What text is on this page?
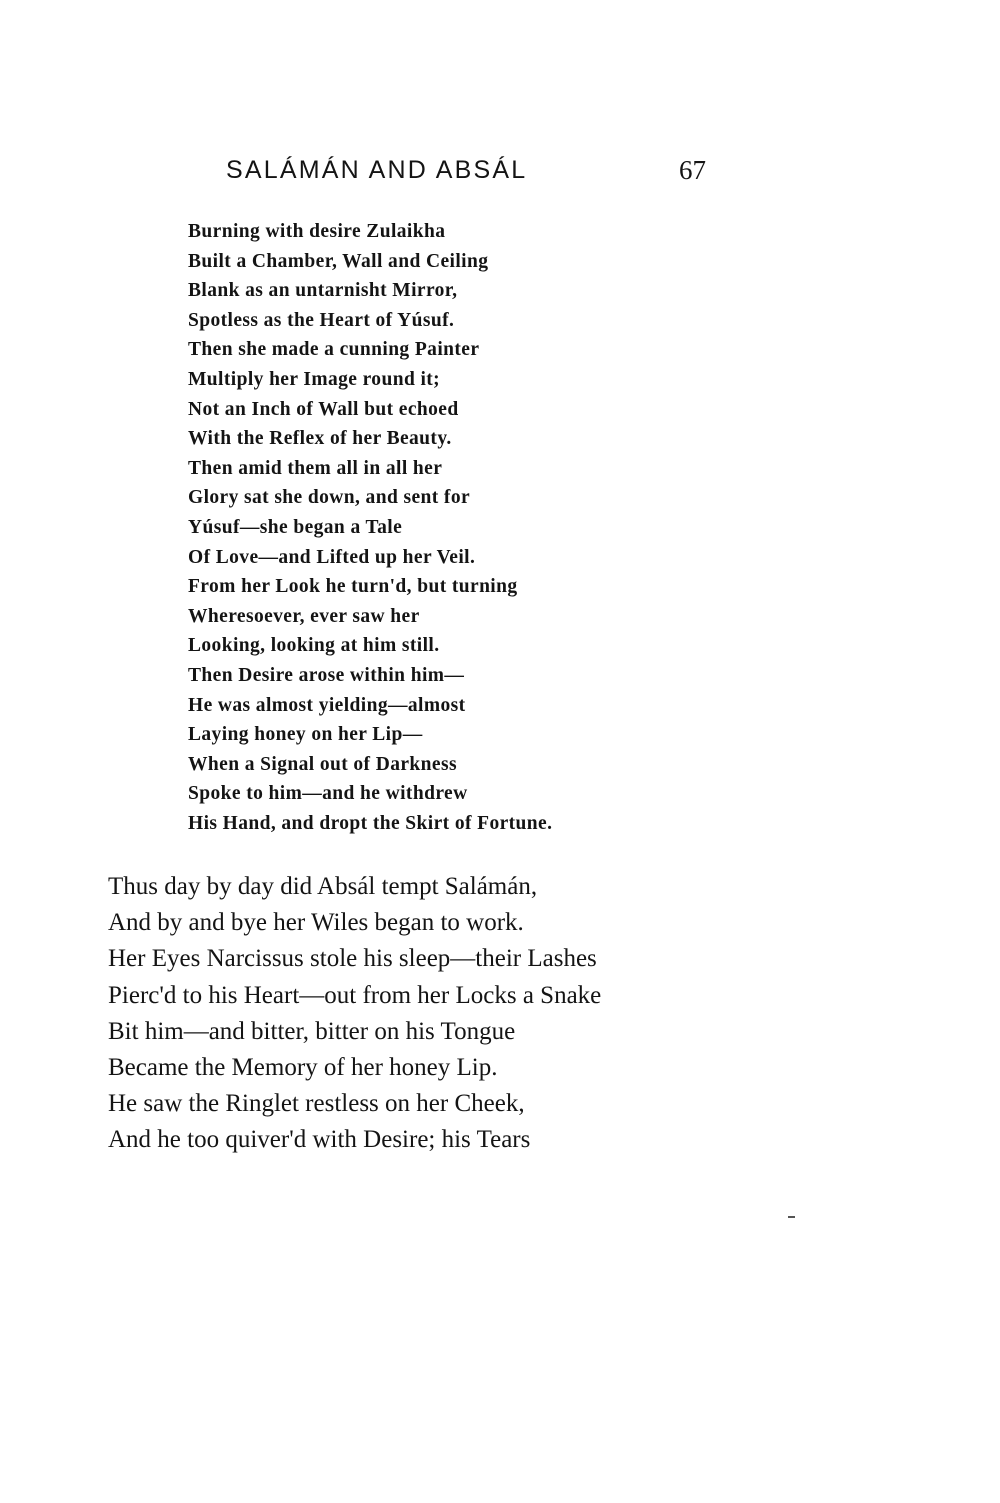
SALÁMÁN AND ABSÁL	67
Burning with desire Zulaikha
Built a Chamber, Wall and Ceiling
Blank as an untarnisht Mirror,
Spotless as the Heart of Yúsuf.
Then she made a cunning Painter
Multiply her Image round it;
Not an Inch of Wall but echoed
With the Reflex of her Beauty.
Then amid them all in all her
Glory sat she down, and sent for
Yúsuf—she began a Tale
Of Love—and Lifted up her Veil.
From her Look he turn'd, but turning
Wheresoever, ever saw her
Looking, looking at him still.
Then Desire arose within him—
He was almost yielding—almost
Laying honey on her Lip—
When a Signal out of Darkness
Spoke to him—and he withdrew
His Hand, and dropt the Skirt of Fortune.
Thus day by day did Absál tempt Salámán,
And by and bye her Wiles began to work.
Her Eyes Narcissus stole his sleep—their Lashes
Pierc'd to his Heart—out from her Locks a Snake
Bit him—and bitter, bitter on his Tongue
Became the Memory of her honey Lip.
He saw the Ringlet restless on her Cheek,
And he too quiver'd with Desire; his Tears
